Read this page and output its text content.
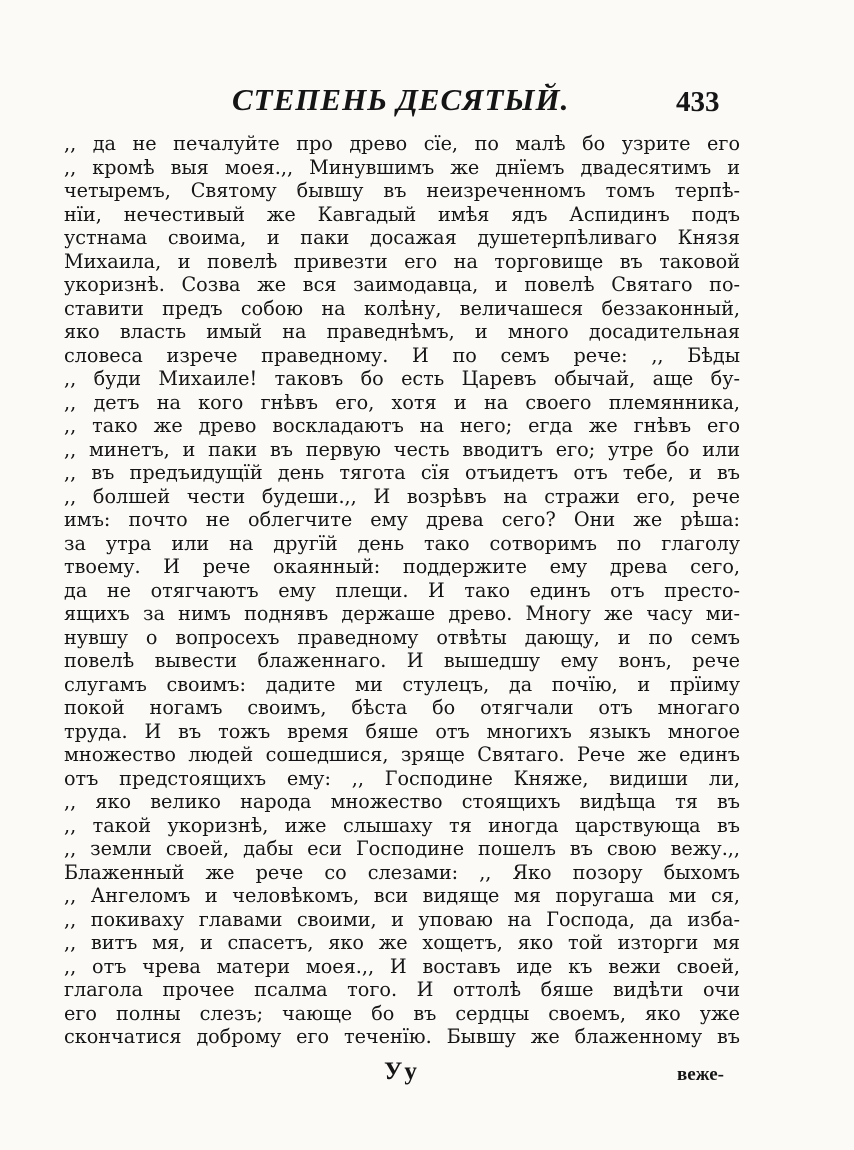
СТЕПЕНЬ ДЕСЯТЫЙ.	433
,, да не печалуйте про древо сїе, по малѣ бо узрите его
,, кромѣ выя моея.,, Минувшимъ же днїемъ двадесятимъ и
четыремъ, Святому бывшу въ неизреченномъ томъ терпѣ-
нїи, нечестивый же Кавгадый имѣя ядъ Аспидинъ подъ
устнама своима, и паки досажая душетерпѣливаго Князя
Михаила, и повелѣ привезти его на торговище въ таковой
укоризнѣ. Созва же вся заимодавца, и повелѣ Святаго по-
ставити предъ собою на колѣну, величашеся беззаконный,
яко власть имый на праведнѣмъ, и много досадительная
словеса изрече праведному. И по семъ рече: ,, Бѣды
,, буди Михаиле! таковъ бо есть Царевъ обычай, аще бу-
,, детъ на кого гнѣвъ его, хотя и на своего племянника,
,, тако же древо воскладаютъ на него; егда же гнѣвъ его
,, минетъ, и паки въ первую честь вводитъ его; утре бо или
,, въ предъидущїй день тягота сїя отъидетъ отъ тебе, и въ
,, болшей чести будеши.,, И возрѣвъ на стражи его, рече
имъ: почто не облегчите ему древа сего? Они же рѣша:
за утра или на другїй день тако сотворимъ по глаголу
твоему. И рече окаянный: поддержите ему древа сего,
да не отягчаютъ ему плещи. И тако единъ отъ престо-
ящихъ за нимъ поднявъ держаше древо. Многу же часу ми-
нувшу о вопросехъ праведному отвѣты дающу, и по семъ
повелѣ вывести блаженнаго. И вышедшу ему вонъ, рече
слугамъ своимъ: дадите ми стулецъ, да почїю, и прїиму
покой ногамъ своимъ, бѣста бо отягчали отъ многаго
труда. И въ тожъ время бяше отъ многихъ языкъ многое
множество людей сошедшися, зряще Святаго. Рече же единъ
отъ предстоящихъ ему: ,, Господине Княже, видиши ли,
,, яко велико народа множество стоящихъ видѣща тя въ
,, такой укоризнѣ, иже слышаху тя иногда царствующа въ
,, земли своей, дабы еси Господине пошелъ въ свою вежу.,,
Блаженный же рече со слезами: ,, Яко позору быхомъ
,, Ангеломъ и человѣкомъ, вси видяще мя поругаша ми ся,
,, покиваху главами своими, и уповаю на Господа, да изба-
,, витъ мя, и спасетъ, яко же хощетъ, яко той изторги мя
,, отъ чрева матери моея.,, И воставъ иде къ вежи своей,
глагола прочее псалма того. И оттолѣ бяше видѣти очи
его полны слезъ; чающе бо въ сердцы своемъ, яко уже
скончатися доброму его теченїю. Бывшу же блаженному въ
Уу	веже-
